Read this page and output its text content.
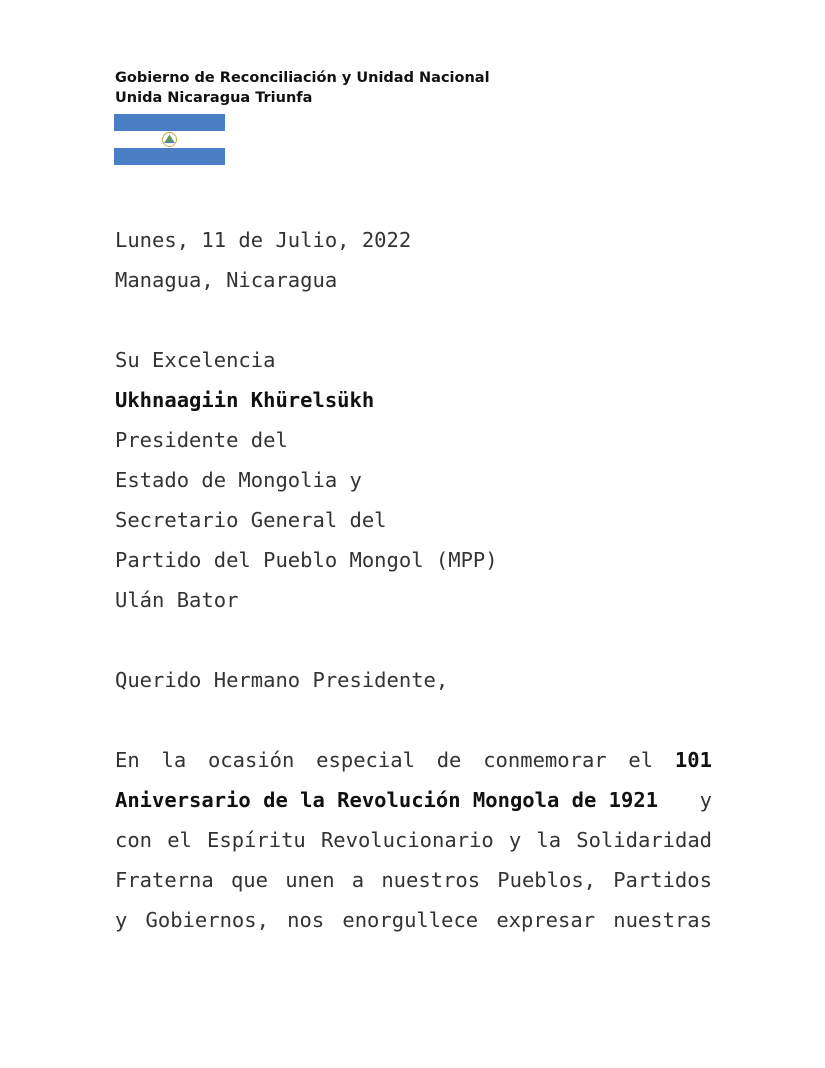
Gobierno de Reconciliación y Unidad Nacional
Unida Nicaragua Triunfa
Lunes, 11 de Julio, 2022
Managua, Nicaragua
Su Excelencia
Ukhnaagiin Khürelsükh
Presidente del
Estado de Mongolia y
Secretario General del
Partido del Pueblo Mongol (MPP)
Ulán Bator
Querido Hermano Presidente,
En la ocasión especial de conmemorar el 101
Aniversario de la Revolución Mongola de 1921 y
con el Espíritu Revolucionario y la Solidaridad
Fraterna que unen a nuestros Pueblos, Partidos
y Gobiernos, nos enorgullece expresar nuestras
